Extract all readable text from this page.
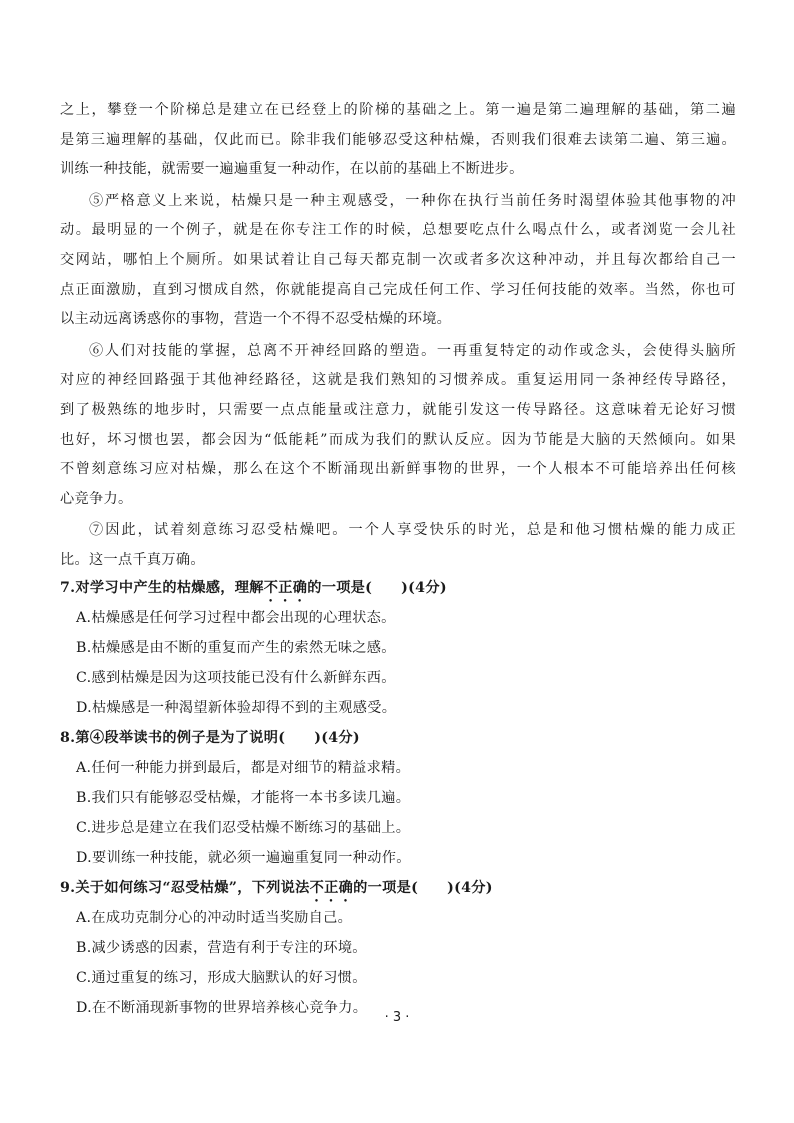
之上，攀登一个阶梯总是建立在已经登上的阶梯的基础之上。第一遍是第二遍理解的基础，第二遍
是第三遍理解的基础，仅此而已。除非我们能够忍受这种枯燥，否则我们很难去读第二遍、第三遍。
训练一种技能，就需要一遍遍重复一种动作，在以前的基础上不断进步。
⑤严格意义上来说，枯燥只是一种主观感受，一种你在执行当前任务时渴望体验其他事物的冲
动。最明显的一个例子，就是在你专注工作的时候，总想要吃点什么喝点什么，或者浏览一会儿社
交网站，哪怕上个厕所。如果试着让自己每天都克制一次或者多次这种冲动，并且每次都给自己一
点正面激励，直到习惯成自然，你就能提高自己完成任何工作、学习任何技能的效率。当然，你也可
以主动远离诱惑你的事物，营造一个不得不忍受枯燥的环境。
⑥人们对技能的掌握，总离不开神经回路的塑造。一再重复特定的动作或念头，会使得头脑所
对应的神经回路强于其他神经路径，这就是我们熟知的习惯养成。重复运用同一条神经传导路径，
到了极熟练的地步时，只需要一点点能量或注意力，就能引发这一传导路径。这意味着无论好习惯
也好，坏习惯也罢，都会因为“低能耗”而成为我们的默认反应。因为节能是大脑的天然倾向。如果
不曾刻意练习应对枯燥，那么在这个不断涌现出新鲜事物的世界，一个人根本不可能培养出任何核
心竞争力。
⑦因此，试着刻意练习忍受枯燥吧。一个人享受快乐的时光，总是和他习惯枯燥的能力成正
比。这一点千真万确。
7.对学习中产生的枯燥感，理解不正确的一项是(　　)(4分)
A.枯燥感是任何学习过程中都会出现的心理状态。
B.枯燥感是由不断的重复而产生的索然无味之感。
C.感到枯燥是因为这项技能已没有什么新鲜东西。
D.枯燥感是一种渴望新体验却得不到的主观感受。
8.第④段举读书的例子是为了说明(　　)(4分)
A.任何一种能力拼到最后，都是对细节的精益求精。
B.我们只有能够忍受枯燥，才能将一本书多读几遍。
C.进步总是建立在我们忍受枯燥不断练习的基础上。
D.要训练一种技能，就必须一遍遍重复同一种动作。
9.关于如何练习“忍受枯燥”，下列说法不正确的一项是(　　)(4分)
A.在成功克制分心的冲动时适当奖励自己。
B.减少诱惑的因素，营造有利于专注的环境。
C.通过重复的练习，形成大脑默认的好习惯。
D.在不断涌现新事物的世界培养核心竞争力。
· 3 ·
